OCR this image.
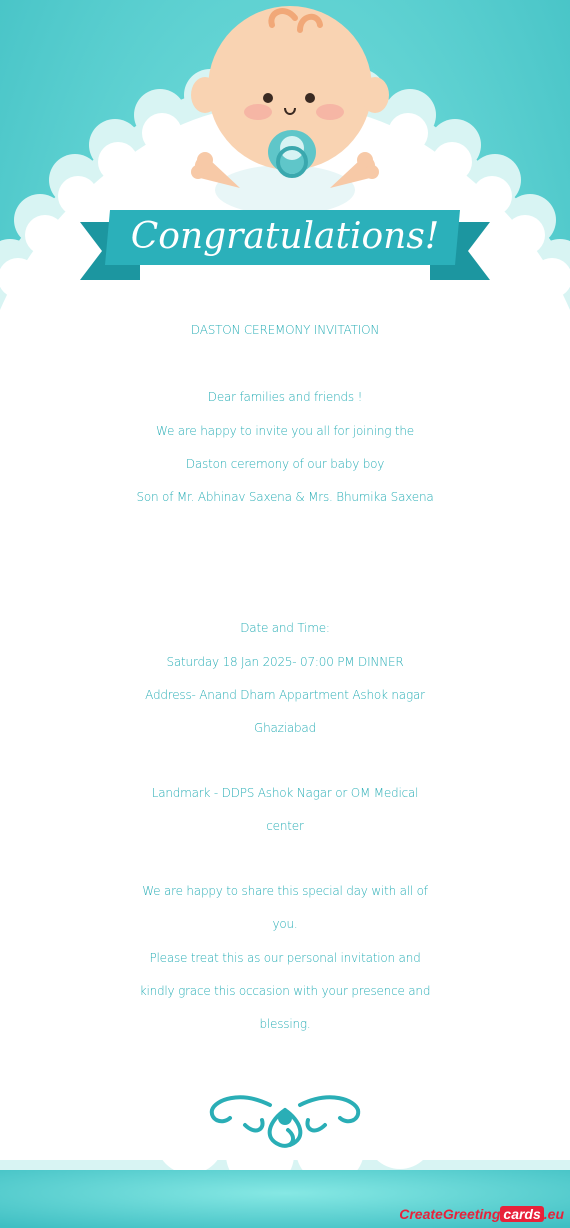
Congratulations!
DASTON CEREMONY INVITATION
Dear families and friends !
We are happy to invite you all for joining the
Daston ceremony of our baby boy
Son of Mr. Abhinav Saxena & Mrs. Bhumika Saxena
Date and Time:
Saturday 18 Jan 2025- 07:00 PM DINNER
Address- Anand Dham Appartment Ashok nagar
Ghaziabad
Landmark - DDPS Ashok Nagar or OM Medical
center
We are happy to share this special day with all of
you.
Please treat this as our personal invitation and
kindly grace this occasion with your presence and
blessing.
CreateGreeting cards .eu
